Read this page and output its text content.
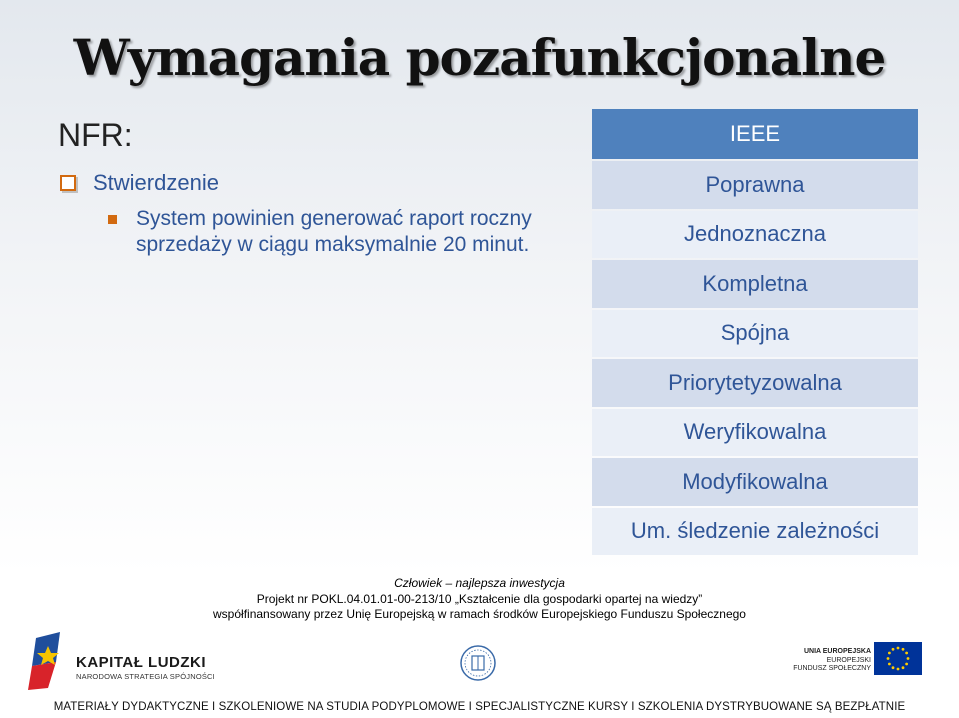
Wymagania pozafunkcjonalne
NFR:
Stwierdzenie
System powinien generować raport roczny sprzedaży w ciągu maksymalnie 20 minut.
IEEE
Poprawna
Jednoznaczna
Kompletna
Spójna
Priorytetyzowalna
Weryfikowalna
Modyfikowalna
Um. śledzenie zależności
Człowiek – najlepsza inwestycja
Projekt nr POKL.04.01.01-00-213/10 „Kształcenie dla gospodarki opartej na wiedzy”
współfinansowany przez Unię Europejską w ramach środków Europejskiego Funduszu Społecznego
KAPITAŁ LUDZKI
NARODOWA STRATEGIA SPÓJNOŚCI
UNIA EUROPEJSKA
EUROPEJSKI
FUNDUSZ SPOŁECZNY
MATERIAŁY DYDAKTYCZNE I SZKOLENIOWE NA STUDIA PODYPLOMOWE I SPECJALISTYCZNE KURSY I SZKOLENIA DYSTRYBUOWANE SĄ BEZPŁATNIE
